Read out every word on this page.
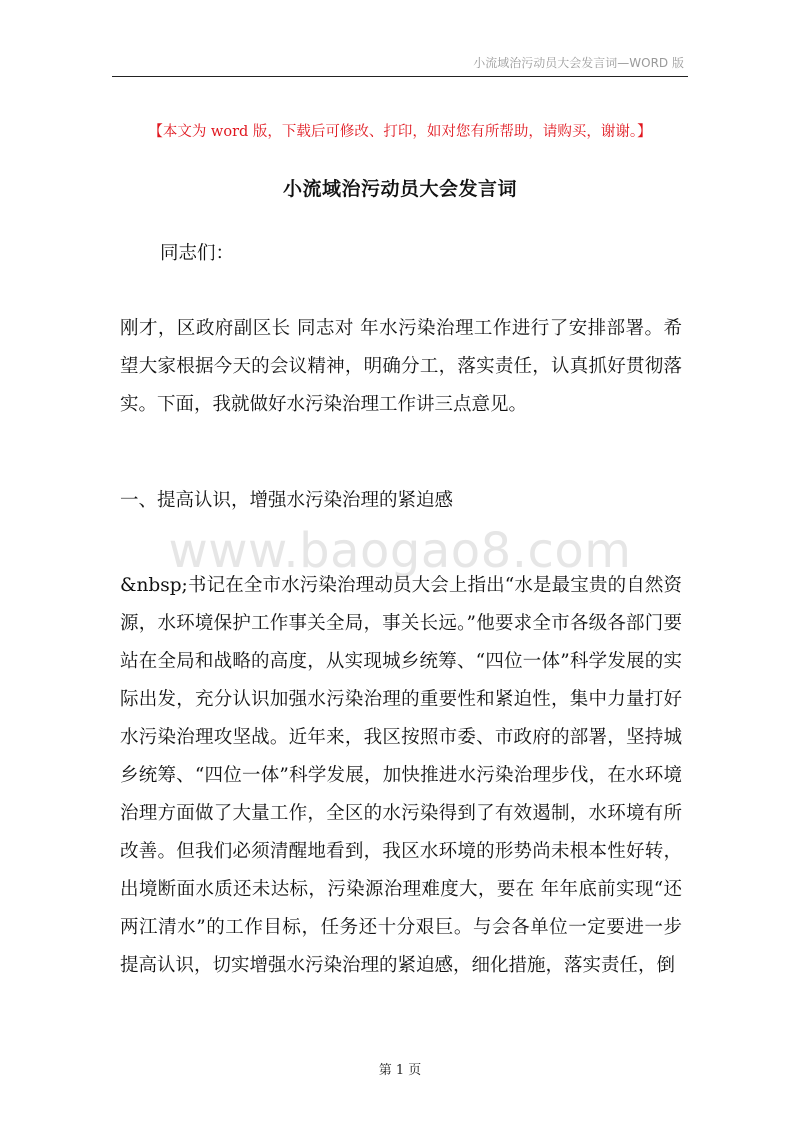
小流域治污动员大会发言词—WORD 版
【本文为 word 版，下载后可修改、打印，如对您有所帮助，请购买，谢谢。】
小流域治污动员大会发言词
同志们：

刚才，区政府副区长 同志对 年水污染治理工作进行了安排部署。希望大家根据今天的会议精神，明确分工，落实责任，认真抓好贯彻落实。下面，我就做好水污染治理工作讲三点意见。

一、提高认识，增强水污染治理的紧迫感
www.baogao8.com

&nbsp;书记在全市水污染治理动员大会上指出“水是最宝贵的自然资源，水环境保护工作事关全局，事关长远。”他要求全市各级各部门要站在全局和战略的高度，从实现城乡统筹、“四位一体”科学发展的实际出发，充分认识加强水污染治理的重要性和紧迫性，集中力量打好水污染治理攻坚战。近年来，我区按照市委、市政府的部署，坚持城乡统筹、“四位一体”科学发展，加快推进水污染治理步伐，在水环境治理方面做了大量工作，全区的水污染得到了有效遏制，水环境有所改善。但我们必须清醒地看到，我区水环境的形势尚未根本性好转，出境断面水质还未达标，污染源治理难度大，要在 年年底前实现“还两江清水”的工作目标，任务还十分艰巨。与会各单位一定要进一步提高认识，切实增强水污染治理的紧迫感，细化措施，落实责任，倒

第 1 页
